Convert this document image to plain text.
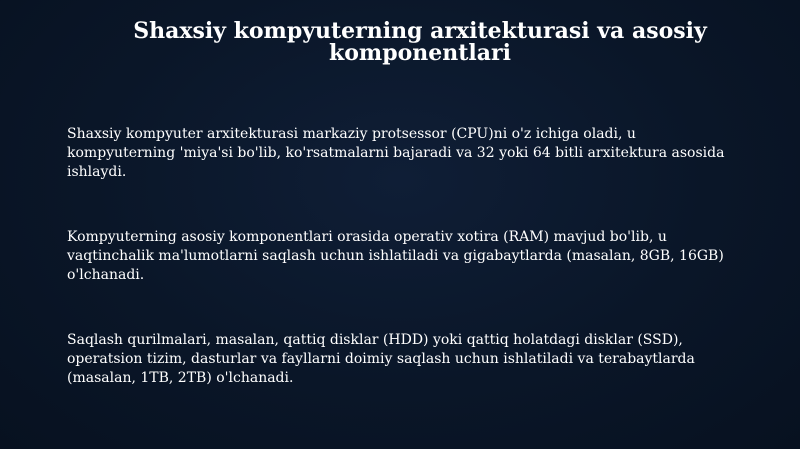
Shaxsiy kompyuterning arxitekturasi va asosiy komponentlari

Shaxsiy kompyuter arxitekturasi markaziy protsessor (CPU)ni o'z ichiga oladi, u kompyuterning 'miya'si bo'lib, ko'rsatmalarni bajaradi va 32 yoki 64 bitli arxitektura asosida ishlaydi.

Kompyuterning asosiy komponentlari orasida operativ xotira (RAM) mavjud bo'lib, u vaqtinchalik ma'lumotlarni saqlash uchun ishlatiladi va gigabaytlarda (masalan, 8GB, 16GB) o'lchanadi.

Saqlash qurilmalari, masalan, qattiq disklar (HDD) yoki qattiq holatdagi disklar (SSD), operatsion tizim, dasturlar va fayllarni doimiy saqlash uchun ishlatiladi va terabaytlarda (masalan, 1TB, 2TB) o'lchanadi.
